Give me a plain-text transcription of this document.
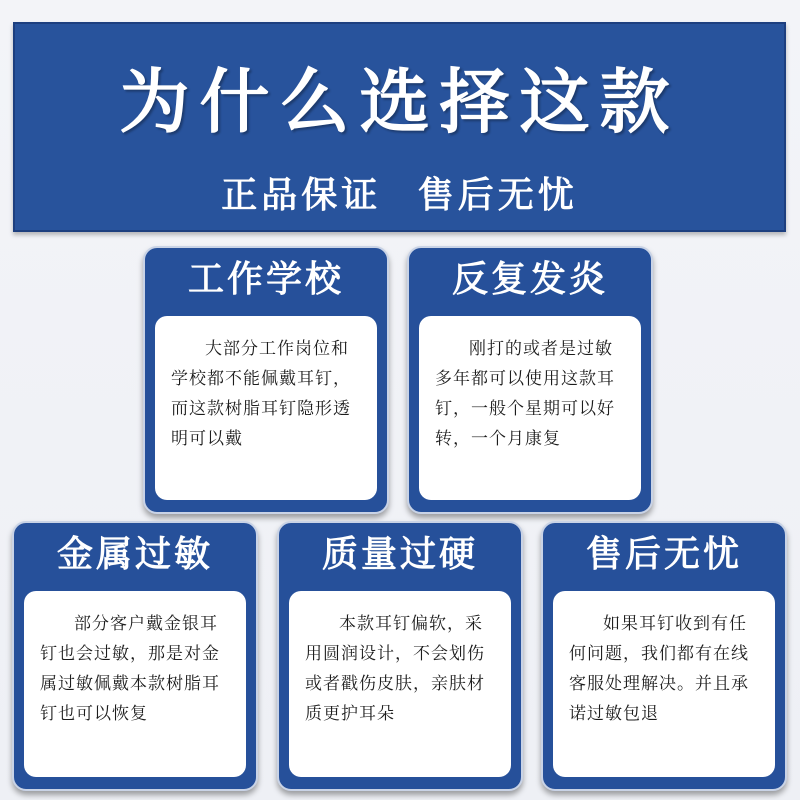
为什么选择这款
正品保证 售后无忧
工作学校
大部分工作岗位和学校都不能佩戴耳钉，而这款树脂耳钉隐形透明可以戴
反复发炎
刚打的或者是过敏多年都可以使用这款耳钉，一般个星期可以好转，一个月康复
金属过敏
部分客户戴金银耳钉也会过敏，那是对金属过敏佩戴本款树脂耳钉也可以恢复
质量过硬
本款耳钉偏软，采用圆润设计，不会划伤或者戳伤皮肤，亲肤材质更护耳朵
售后无忧
如果耳钉收到有任何问题，我们都有在线客服处理解决。并且承诺过敏包退
